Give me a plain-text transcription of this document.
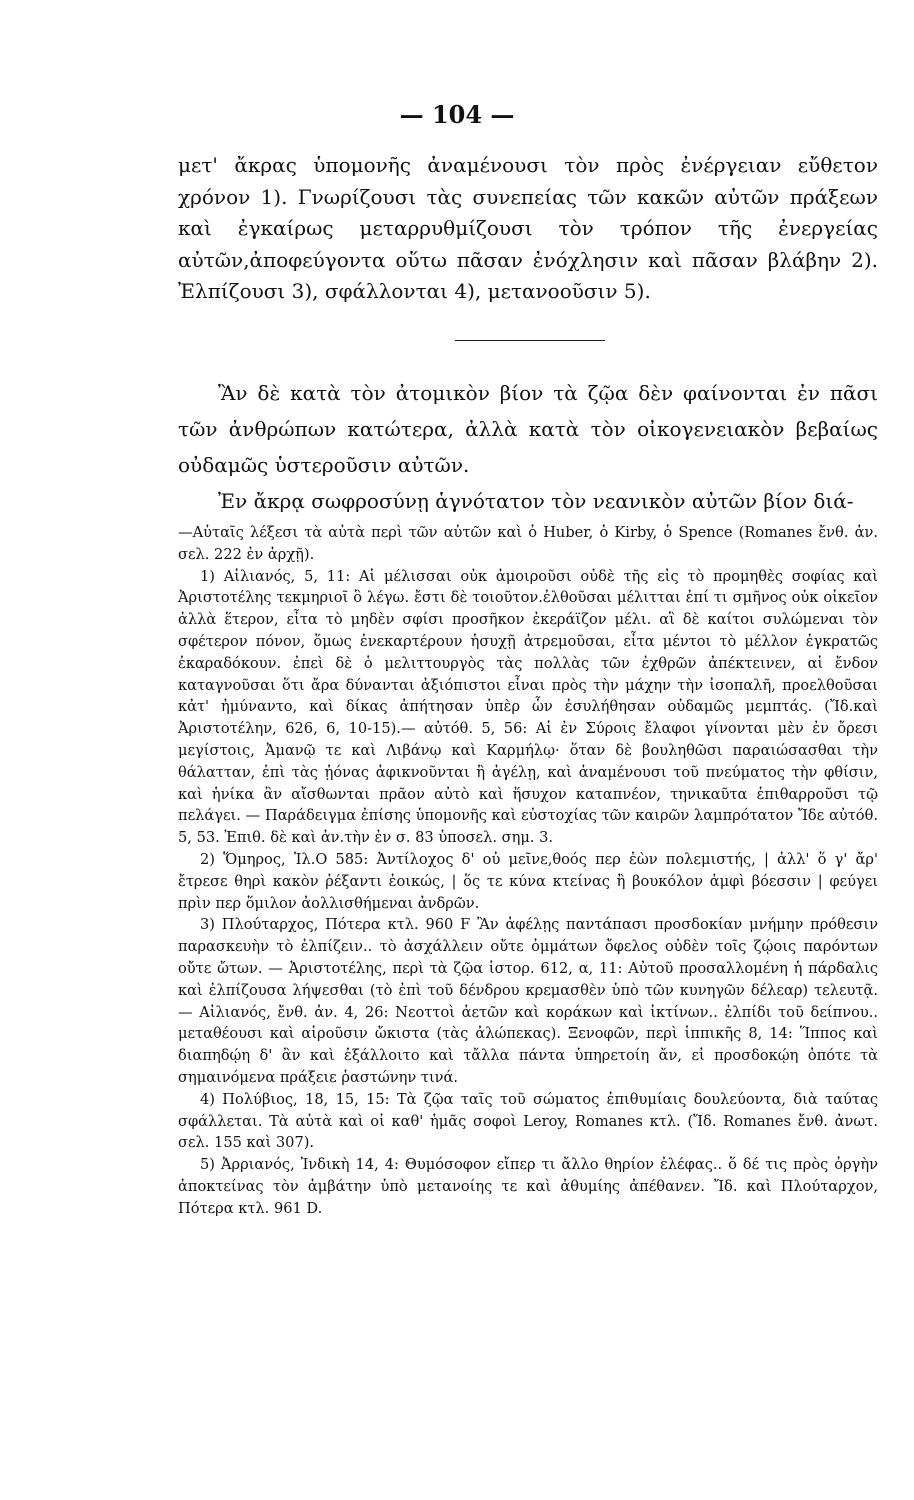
— 104 —

μετ' ἄκρας ὑπομονῆς ἀναμένουσι τὸν πρὸς ἐνέργειαν εὔθετον χρόνον 1). Γνωρίζουσι τὰς συνεπείας τῶν κακῶν αὐτῶν πράξεων καὶ ἐγκαίρως μεταρρυθμίζουσι τὸν τρόπον τῆς ἐνεργείας αὐτῶν,ἀποφεύγοντα οὕτω πᾶσαν ἐνόχλησιν καὶ πᾶσαν βλάβην 2). Ἐλπίζουσι 3), σφάλλονται 4), μετανοοῦσιν 5).

Ἂν δὲ κατὰ τὸν ἀτομικὸν βίον τὰ ζῷα δὲν φαίνονται ἐν πᾶσι τῶν ἀνθρώπων κατώτερα, ἀλλὰ κατὰ τὸν οἰκογενειακὸν βεβαίως οὐδαμῶς ὑστεροῦσιν αὐτῶν.

Ἐν ἄκρᾳ σωφροσύνῃ ἁγνότατον τὸν νεανικὸν αὐτῶν βίον διά-

—Αὐταῖς λέξεσι τὰ αὐτὰ περὶ τῶν αὐτῶν καὶ ὁ Huber, ὁ Kirby, ὁ Spence (Romanes ἔνθ. ἀν. σελ. 222 ἐν ἀρχῇ).

1) Αἰλιανός, 5, 11: Αἱ μέλισσαι οὐκ ἀμοιροῦσι οὐδὲ τῆς εἰς τὸ προμηθὲς σοφίας καὶ Ἀριστοτέλης τεκμηριοῖ ὃ λέγω. ἔστι δὲ τοιοῦτον.ἐλθοῦσαι μέλιτται ἐπί τι σμῆνος οὐκ οἰκεῖον ἀλλὰ ἕτερον, εἶτα τὸ μηδὲν σφίσι προσῆκον ἐκεράϊζον μέλι. αἳ δὲ καίτοι συλώμεναι τὸν σφέτερον πόνον, ὅμως ἐνεκαρτέρουν ἡσυχῇ ἀτρεμοῦσαι, εἶτα μέντοι τὸ μέλλον ἐγκρατῶς ἐκαραδόκουν. ἐπεὶ δὲ ὁ μελιττουργὸς τὰς πολλὰς τῶν ἐχθρῶν ἀπέκτεινεν, αἱ ἔνδον καταγνοῦσαι ὅτι ἄρα δύνανται ἀξιόπιστοι εἶναι πρὸς τὴν μάχην τὴν ἰσοπαλῆ, προελθοῦσαι κἀτ' ἠμύναντο, καὶ δίκας ἀπήτησαν ὑπὲρ ὧν ἐσυλήθησαν οὐδαμῶς μεμπτάς. (Ἴδ.καὶ Ἀριστοτέλην, 626, 6, 10-15).— αὐτόθ. 5, 56: Αἱ ἐν Σύροις ἔλαφοι γίνονται μὲν ἐν ὄρεσι μεγίστοις, Ἀμανῷ τε καὶ Λιβάνῳ καὶ Καρμήλῳ· ὅταν δὲ βουληθῶσι παραιώσασθαι τὴν θάλατταν, ἐπὶ τὰς ᾐόνας ἀφικνοῦνται ἢ ἀγέλῃ, καὶ ἀναμένουσι τοῦ πνεύματος τὴν φθίσιν, καὶ ἡνίκα ἂν αἴσθωνται πρᾶον αὐτὸ καὶ ἥσυχον καταπνέον, τηνικαῦτα ἐπιθαρροῦσι τῷ πελάγει. — Παράδειγμα ἐπίσης ὑπομονῆς καὶ εὐστοχίας τῶν καιρῶν λαμπρότατον Ἴδε αὐτόθ. 5, 53. Ἐπιθ. δὲ καὶ ἀν.τὴν ἐν σ. 83 ὑποσελ. σημ. 3.

2) Ὅμηρος, Ἰλ.Ο 585: Ἀντίλοχος δ' οὐ μεῖνε,θοός περ ἐὼν πολεμιστής, | ἀλλ' ὅ γ' ἄρ' ἔτρεσε θηρὶ κακὸν ῥέξαντι ἐοικώς, | ὅς τε κύνα κτείνας ἢ βουκόλον ἀμφὶ βόεσσιν | φεύγει πρὶν περ ὅμιλον ἀολλισθήμεναι ἀνδρῶν.

3) Πλούταρχος, Πότερα κτλ. 960 F Ἂν ἀφέλῃς παντάπασι προσδοκίαν μνήμην πρόθεσιν παρασκευὴν τὸ ἐλπίζειν.. τὸ ἀσχάλλειν οὔτε ὀμμάτων ὄφελος οὐδὲν τοῖς ζῴοις παρόντων οὔτε ὤτων. — Ἀριστοτέλης, περὶ τὰ ζῷα ἱστορ. 612, α, 11: Αὐτοῦ προσαλλομένη ἡ πάρδαλις καὶ ἐλπίζουσα λήψεσθαι (τὸ ἐπὶ τοῦ δένδρου κρεμασθὲν ὑπὸ τῶν κυνηγῶν δέλεαρ) τελευτᾷ. — Αἰλιανός, ἔνθ. ἀν. 4, 26: Νεοττοὶ ἀετῶν καὶ κοράκων καὶ ἰκτίνων.. ἐλπίδι τοῦ δείπνου.. μεταθέουσι καὶ αἱροῦσιν ὤκιστα (τὰς ἀλώπεκας). Ξενοφῶν, περὶ ἱππικῆς 8, 14: Ἵππος καὶ διαπηδῴη δ' ἂν καὶ ἐξάλλοιτο καὶ τἄλλα πάντα ὑπηρετοίη ἄν, εἰ προσδοκῴη ὁπότε τὰ σημαινόμενα πράξειε ῥαστώνην τινά.

4) Πολύβιος, 18, 15, 15: Τὰ ζῷα ταῖς τοῦ σώματος ἐπιθυμίαις δουλεύοντα, διὰ ταύτας σφάλλεται. Τὰ αὐτὰ καὶ οἱ καθ' ἡμᾶς σοφοὶ Leroy, Romanes κτλ. (Ἴδ. Romanes ἔνθ. ἀνωτ. σελ. 155 καὶ 307).

5) Ἀρριανός, Ἰνδικὴ 14, 4: Θυμόσοφον εἴπερ τι ἄλλο θηρίον ἐλέφας.. ὅ δέ τις πρὸς ὀργὴν ἀποκτείνας τὸν ἀμβάτην ὑπὸ μετανοίης τε καὶ ἀθυμίης ἀπέθανεν. Ἴδ. καὶ Πλούταρχον, Πότερα κτλ. 961 D.
